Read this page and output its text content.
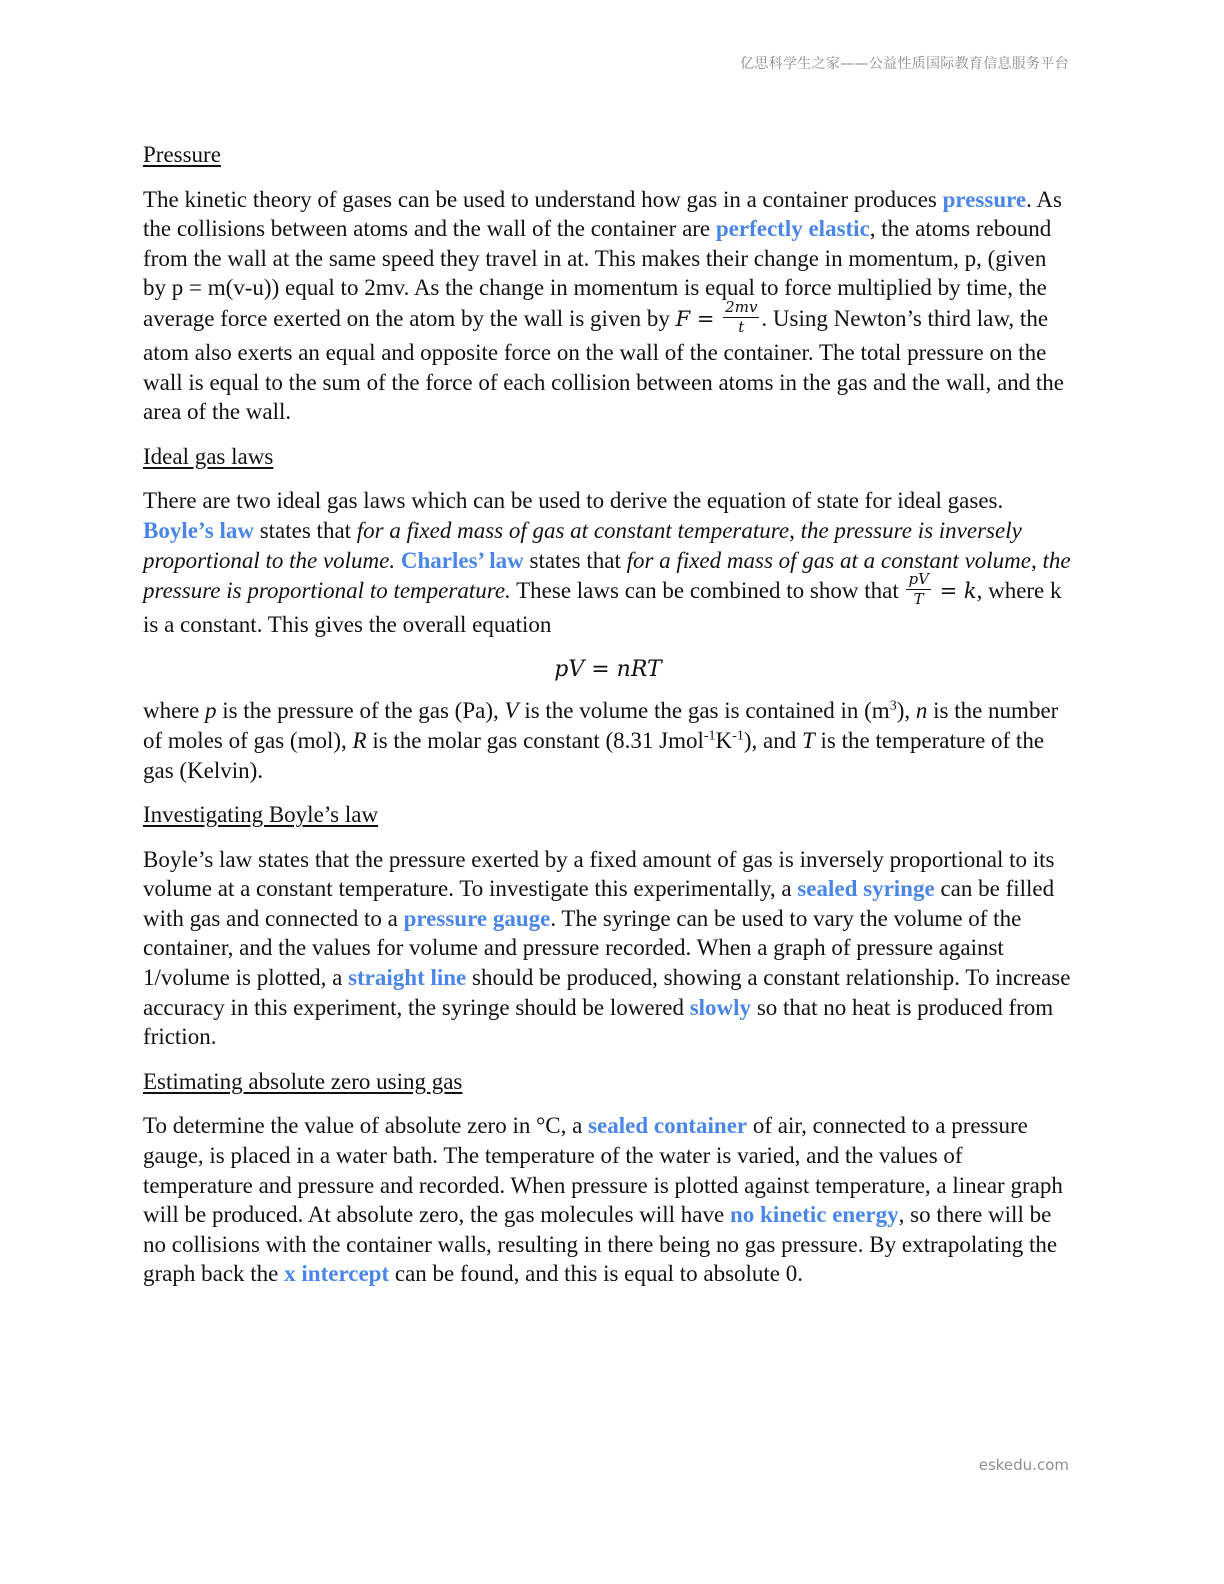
亿思科学生之家——公益性质国际教育信息服务平台
Pressure

The kinetic theory of gases can be used to understand how gas in a container produces pressure. As the collisions between atoms and the wall of the container are perfectly elastic, the atoms rebound from the wall at the same speed they travel in at. This makes their change in momentum, p, (given by p = m(v-u)) equal to 2mv. As the change in momentum is equal to force multiplied by time, the average force exerted on the atom by the wall is given by $F = \frac{2mv}{t}$ . Using Newton’s third law, the atom also exerts an equal and opposite force on the wall of the container. The total pressure on the wall is equal to the sum of the force of each collision between atoms in the gas and the wall, and the area of the wall.

Ideal gas laws

There are two ideal gas laws which can be used to derive the equation of state for ideal gases. Boyle’s law states that for a fixed mass of gas at constant temperature, the pressure is inversely proportional to the volume. Charles’ law states that for a fixed mass of gas at a constant volume, the pressure is proportional to temperature. These laws can be combined to show that $\frac{pV}{T} = k$, where k is a constant. This gives the overall equation

pV = nRT

where p is the pressure of the gas (Pa), V is the volume the gas is contained in $(m^3)$, n is the number of moles of gas (mol), R is the molar gas constant (8.31 $Jmol^{-1}K^{-1}$), and T is the temperature of the gas (Kelvin).

Investigating Boyle’s law

Boyle’s law states that the pressure exerted by a fixed amount of gas is inversely proportional to its volume at a constant temperature. To investigate this experimentally, a sealed syringe can be filled with gas and connected to a pressure gauge. The syringe can be used to vary the volume of the container, and the values for volume and pressure recorded. When a graph of pressure against 1/volume is plotted, a straight line should be produced, showing a constant relationship. To increase accuracy in this experiment, the syringe should be lowered slowly so that no heat is produced from friction.

Estimating absolute zero using gas

To determine the value of absolute zero in °C, a sealed container of air, connected to a pressure gauge, is placed in a water bath. The temperature of the water is varied, and the values of temperature and pressure and recorded. When pressure is plotted against temperature, a linear graph will be produced. At absolute zero, the gas molecules will have no kinetic energy, so there will be no collisions with the container walls, resulting in there being no gas pressure. By extrapolating the graph back the x intercept can be found, and this is equal to absolute 0.

eskedu.com
